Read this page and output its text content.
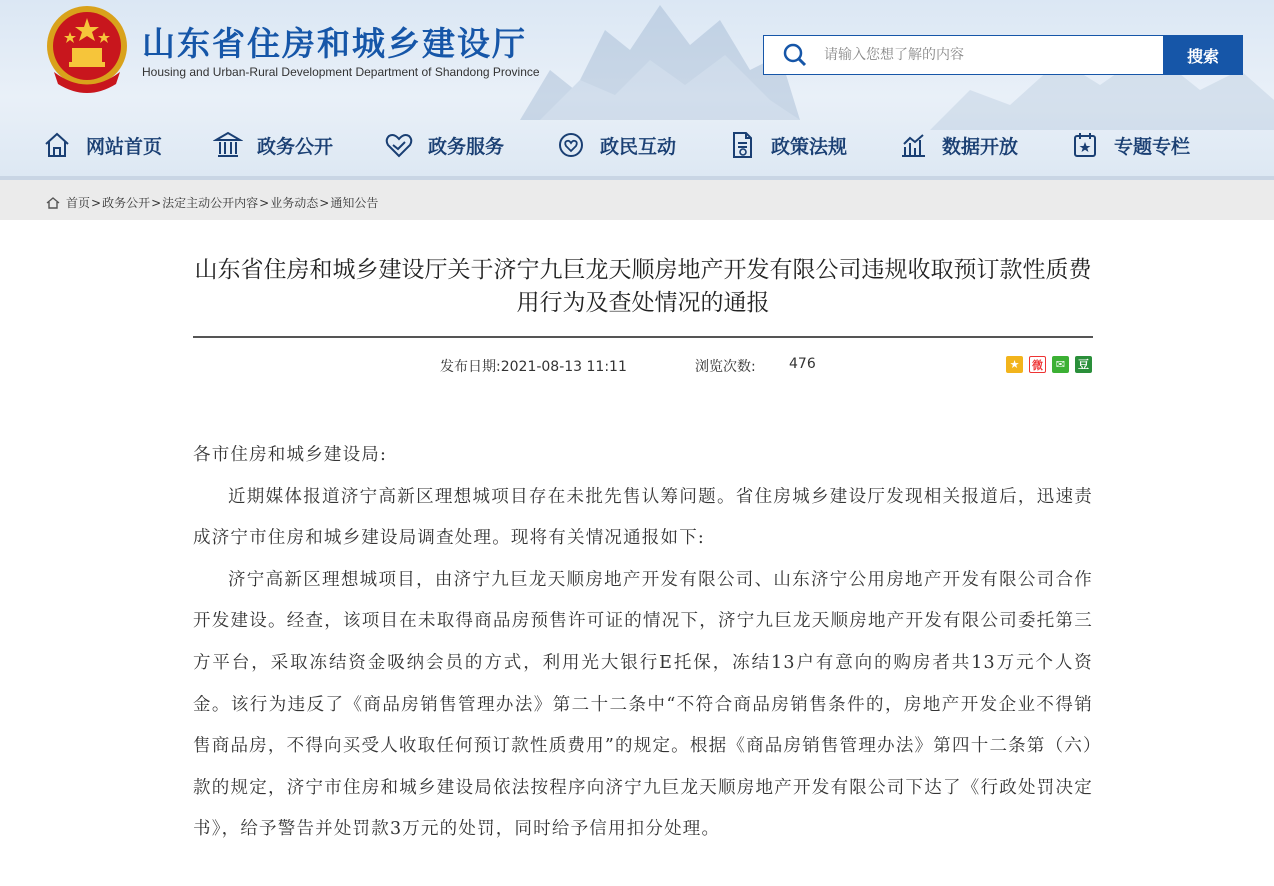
山东省住房和城乡建设厅
Housing and Urban-Rural Development Department of Shandong Province
请输入您想了解的内容
搜索
网站首页	政务公开	政务服务	政民互动	政策法规	数据开放	专题专栏
首页 > 政务公开 > 法定主动公开内容 > 业务动态 > 通知公告
山东省住房和城乡建设厅关于济宁九巨龙天顺房地产开发有限公司违规收取预订款性质费用行为及查处情况的通报
发布日期:2021-08-13 11:11	浏览次数: 476	★	微	✉	豆

各市住房和城乡建设局:

近期媒体报道济宁高新区理想城项目存在未批先售认筹问题。省住房城乡建设厅发现相关报道后，迅速责成济宁市住房和城乡建设局调查处理。现将有关情况通报如下:

济宁高新区理想城项目，由济宁九巨龙天顺房地产开发有限公司、山东济宁公用房地产开发有限公司合作开发建设。经查，该项目在未取得商品房预售许可证的情况下，济宁九巨龙天顺房地产开发有限公司委托第三方平台，采取冻结资金吸纳会员的方式，利用光大银行E托保，冻结13户有意向的购房者共13万元个人资金。该行为违反了《商品房销售管理办法》第二十二条中“不符合商品房销售条件的，房地产开发企业不得销售商品房，不得向买受人收取任何预订款性质费用”的规定。根据《商品房销售管理办法》第四十二条第（六）款的规定，济宁市住房和城乡建设局依法按程序向济宁九巨龙天顺房地产开发有限公司下达了《行政处罚决定书》，给予警告并处罚款3万元的处罚，同时给予信用扣分处理。
